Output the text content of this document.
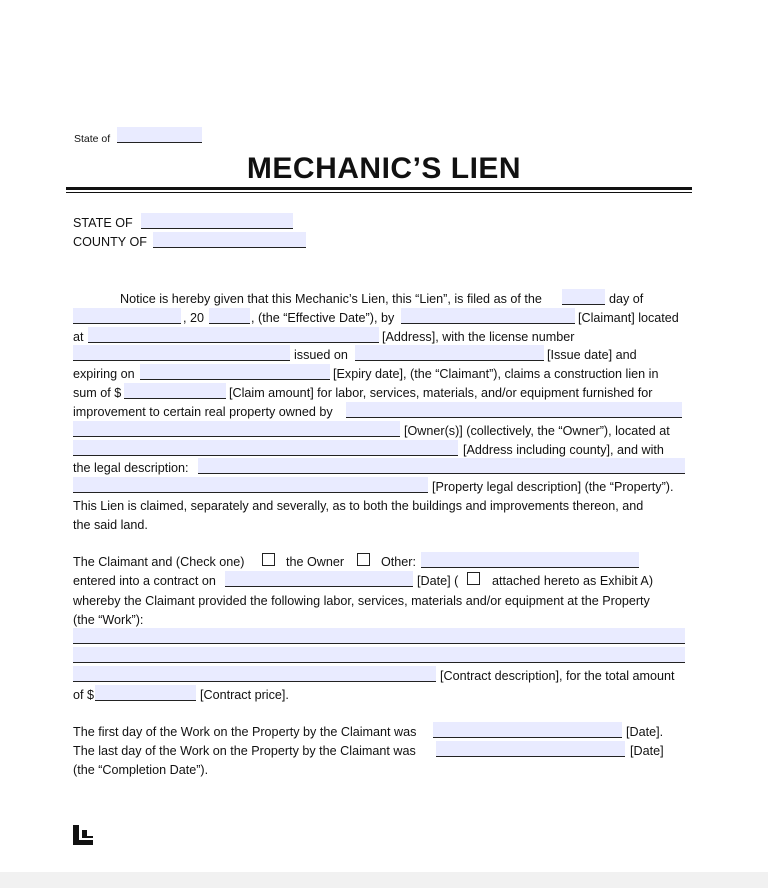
State of
MECHANIC’S LIEN
STATE OF
COUNTY OF
Notice is hereby given that this Mechanic’s Lien, this “Lien”, is filed as of the	day of
, 20	, (the “Effective Date”), by	[Claimant] located
at	[Address], with the license number
issued on	[Issue date] and
expiring on	[Expiry date], (the “Claimant”), claims a construction lien in
sum of $	[Claim amount] for labor, services, materials, and/or equipment furnished for
improvement to certain real property owned by
[Owner(s)] (collectively, the “Owner”), located at
[Address including county], and with
the legal description:
[Property legal description] (the “Property”).
This Lien is claimed, separately and severally, as to both the buildings and improvements thereon, and
the said land.
The Claimant and (Check one)	the Owner	Other:
entered into a contract on	[Date] (	attached hereto as Exhibit A)
whereby the Claimant provided the following labor, services, materials and/or equipment at the Property
(the “Work”):
[Contract description], for the total amount
of $	[Contract price].
The first day of the Work on the Property by the Claimant was	[Date].
The last day of the Work on the Property by the Claimant was	[Date]
(the “Completion Date”).
